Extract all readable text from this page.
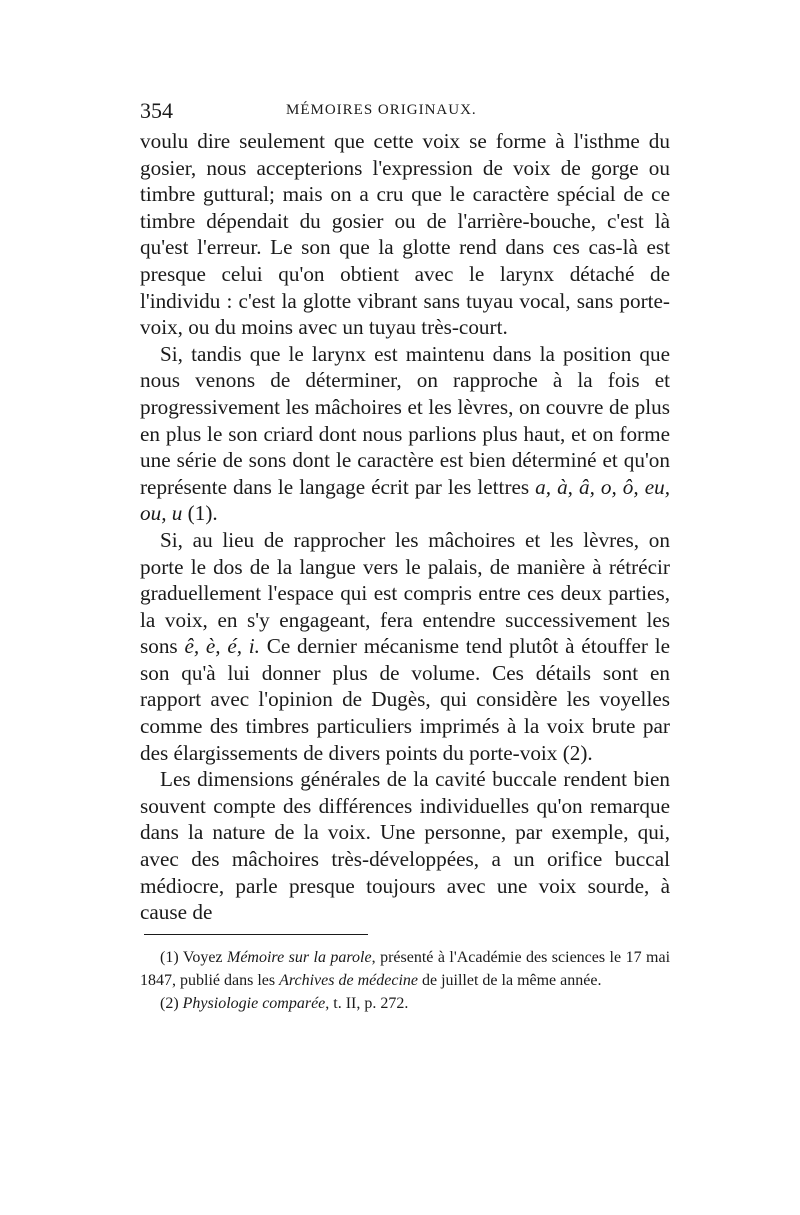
354	MÉMOIRES ORIGINAUX.

voulu dire seulement que cette voix se forme à l'isthme du gosier, nous accepterions l'expression de voix de gorge ou timbre guttural; mais on a cru que le caractère spécial de ce timbre dépendait du gosier ou de l'arrière-bouche, c'est là qu'est l'erreur. Le son que la glotte rend dans ces cas-là est presque celui qu'on obtient avec le larynx détaché de l'individu : c'est la glotte vibrant sans tuyau vocal, sans porte-voix, ou du moins avec un tuyau très-court.

Si, tandis que le larynx est maintenu dans la position que nous venons de déterminer, on rapproche à la fois et progressivement les mâchoires et les lèvres, on couvre de plus en plus le son criard dont nous parlions plus haut, et on forme une série de sons dont le caractère est bien déterminé et qu'on représente dans le langage écrit par les lettres a, à, â, o, ô, eu, ou, u (1).

Si, au lieu de rapprocher les mâchoires et les lèvres, on porte le dos de la langue vers le palais, de manière à rétrécir graduellement l'espace qui est compris entre ces deux parties, la voix, en s'y engageant, fera entendre successivement les sons ê, è, é, i. Ce dernier mécanisme tend plutôt à étouffer le son qu'à lui donner plus de volume. Ces détails sont en rapport avec l'opinion de Dugès, qui considère les voyelles comme des timbres particuliers imprimés à la voix brute par des élargissements de divers points du porte-voix (2).

Les dimensions générales de la cavité buccale rendent bien souvent compte des différences individuelles qu'on remarque dans la nature de la voix. Une personne, par exemple, qui, avec des mâchoires très-développées, a un orifice buccal médiocre, parle presque toujours avec une voix sourde, à cause de

(1) Voyez Mémoire sur la parole, présenté à l'Académie des sciences le 17 mai 1847, publié dans les Archives de médecine de juillet de la même année.

(2) Physiologie comparée, t. II, p. 272.
